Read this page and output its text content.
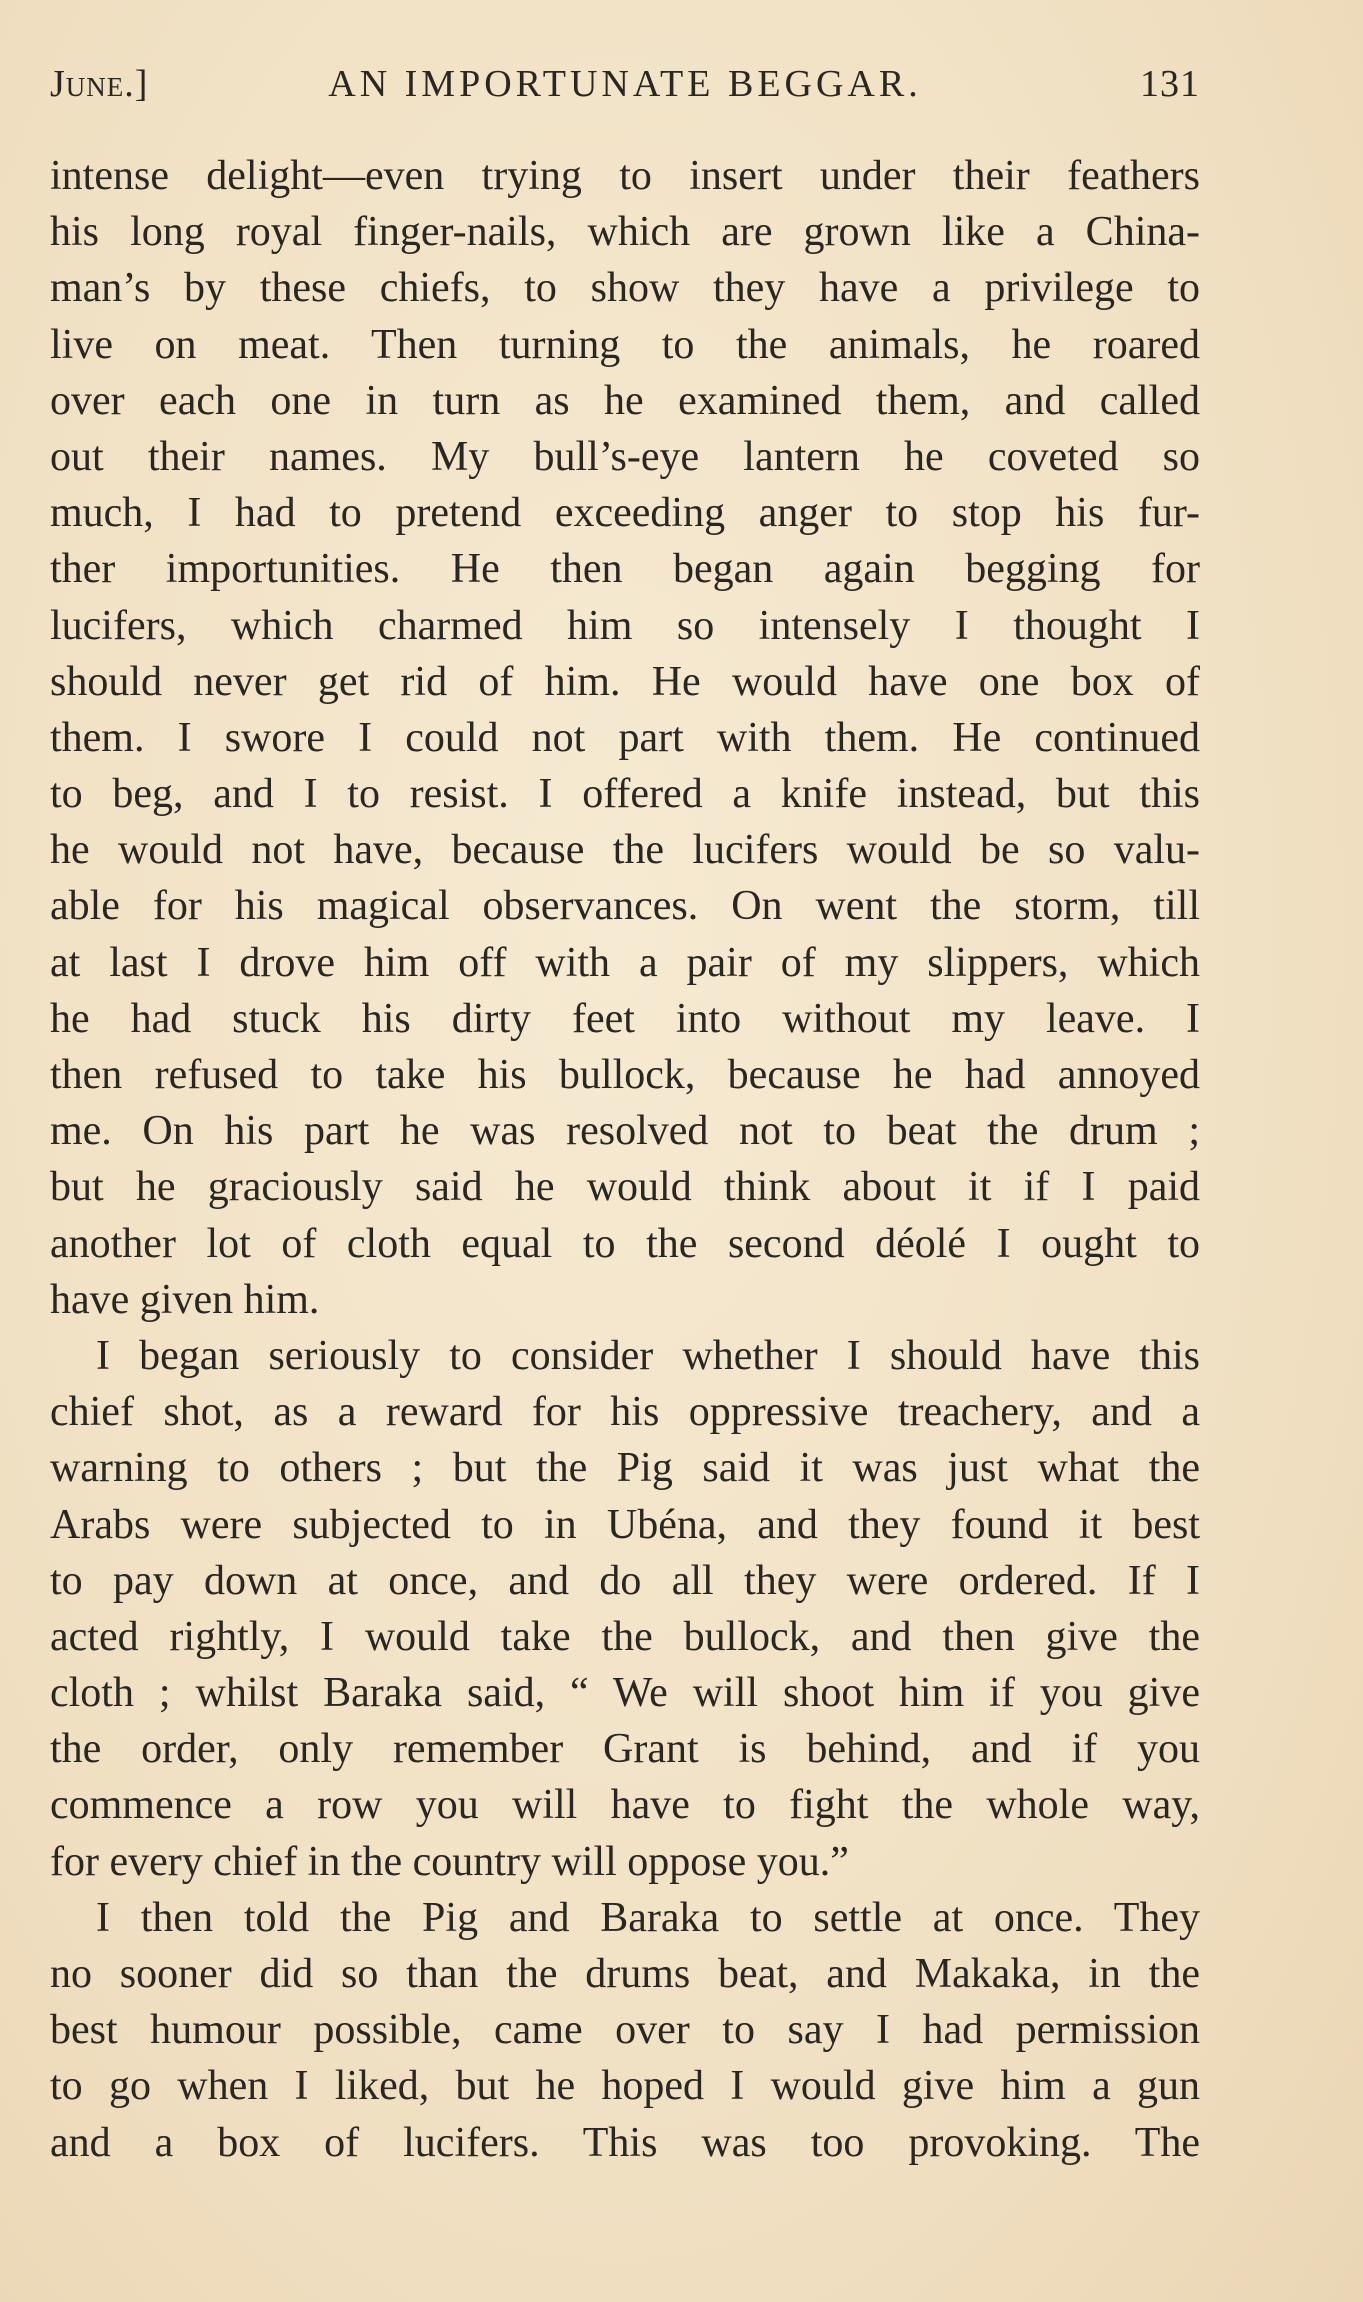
June.]	AN IMPORTUNATE BEGGAR.	131
intense delight—even trying to insert under their feathers
his long royal finger-nails, which are grown like a China-
man’s by these chiefs, to show they have a privilege to
live on meat. Then turning to the animals, he roared
over each one in turn as he examined them, and called
out their names. My bull’s-eye lantern he coveted so
much, I had to pretend exceeding anger to stop his fur-
ther importunities. He then began again begging for
lucifers, which charmed him so intensely I thought I
should never get rid of him. He would have one box of
them. I swore I could not part with them. He continued
to beg, and I to resist. I offered a knife instead, but this
he would not have, because the lucifers would be so valu-
able for his magical observances. On went the storm, till
at last I drove him off with a pair of my slippers, which
he had stuck his dirty feet into without my leave. I
then refused to take his bullock, because he had annoyed
me. On his part he was resolved not to beat the drum ;
but he graciously said he would think about it if I paid
another lot of cloth equal to the second déolé I ought to
have given him.
I began seriously to consider whether I should have this
chief shot, as a reward for his oppressive treachery, and a
warning to others ; but the Pig said it was just what the
Arabs were subjected to in Ubéna, and they found it best
to pay down at once, and do all they were ordered. If I
acted rightly, I would take the bullock, and then give the
cloth ; whilst Baraka said, “ We will shoot him if you give
the order, only remember Grant is behind, and if you
commence a row you will have to fight the whole way,
for every chief in the country will oppose you.”
I then told the Pig and Baraka to settle at once. They
no sooner did so than the drums beat, and Makaka, in the
best humour possible, came over to say I had permission
to go when I liked, but he hoped I would give him a gun
and a box of lucifers. This was too provoking. The
